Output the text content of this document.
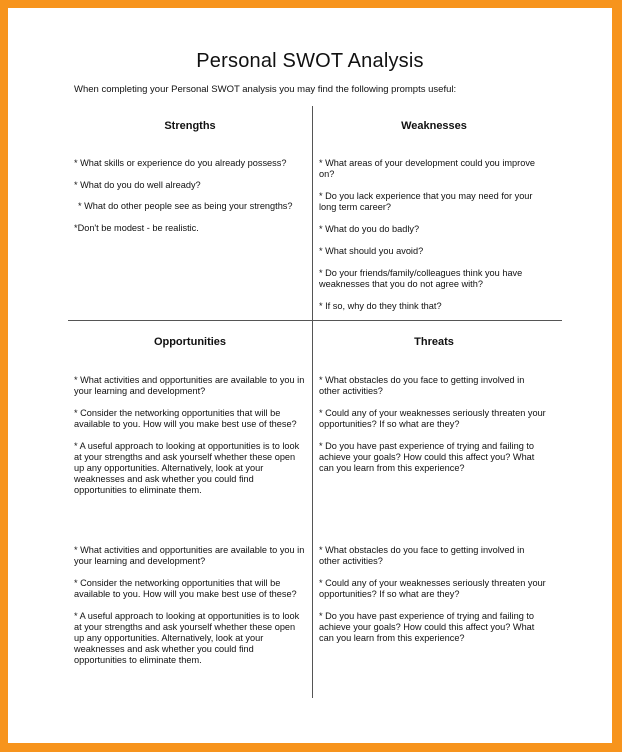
Personal SWOT Analysis

When completing your Personal SWOT analysis you may find the following prompts useful:

Strengths

* What skills or experience do you already possess?

* What do you do well already?

* What do other people see as being your strengths?

*Don't be modest - be realistic.

Weaknesses

* What areas of your development could you improve on?

* Do you lack experience that you may need for your long term career?

* What do you do badly?

* What should you avoid?

* Do your friends/family/colleagues think you have weaknesses that you do not agree with?

* If so, why do they think that?

Opportunities

* What activities and opportunities are available to you in your learning and development?

* Consider the networking opportunities that will be available to you. How will you make best use of these?

* A useful approach to looking at opportunities is to look at your strengths and ask yourself whether these open up any opportunities. Alternatively, look at your weaknesses and ask whether you could find opportunities to eliminate them.

Threats

* What obstacles do you face to getting involved in other activities?

* Could any of your weaknesses seriously threaten your opportunities? If so what are they?

* Do you have past experience of trying and failing to achieve your goals? How could this affect you? What can you learn from this experience?

* What activities and opportunities are available to you in your learning and development?

* Consider the networking opportunities that will be available to you. How will you make best use of these?

* A useful approach to looking at opportunities is to look at your strengths and ask yourself whether these open up any opportunities. Alternatively, look at your weaknesses and ask whether you could find opportunities to eliminate them.

* What obstacles do you face to getting involved in other activities?

* Could any of your weaknesses seriously threaten your opportunities? If so what are they?

* Do you have past experience of trying and failing to achieve your goals? How could this affect you? What can you learn from this experience?
